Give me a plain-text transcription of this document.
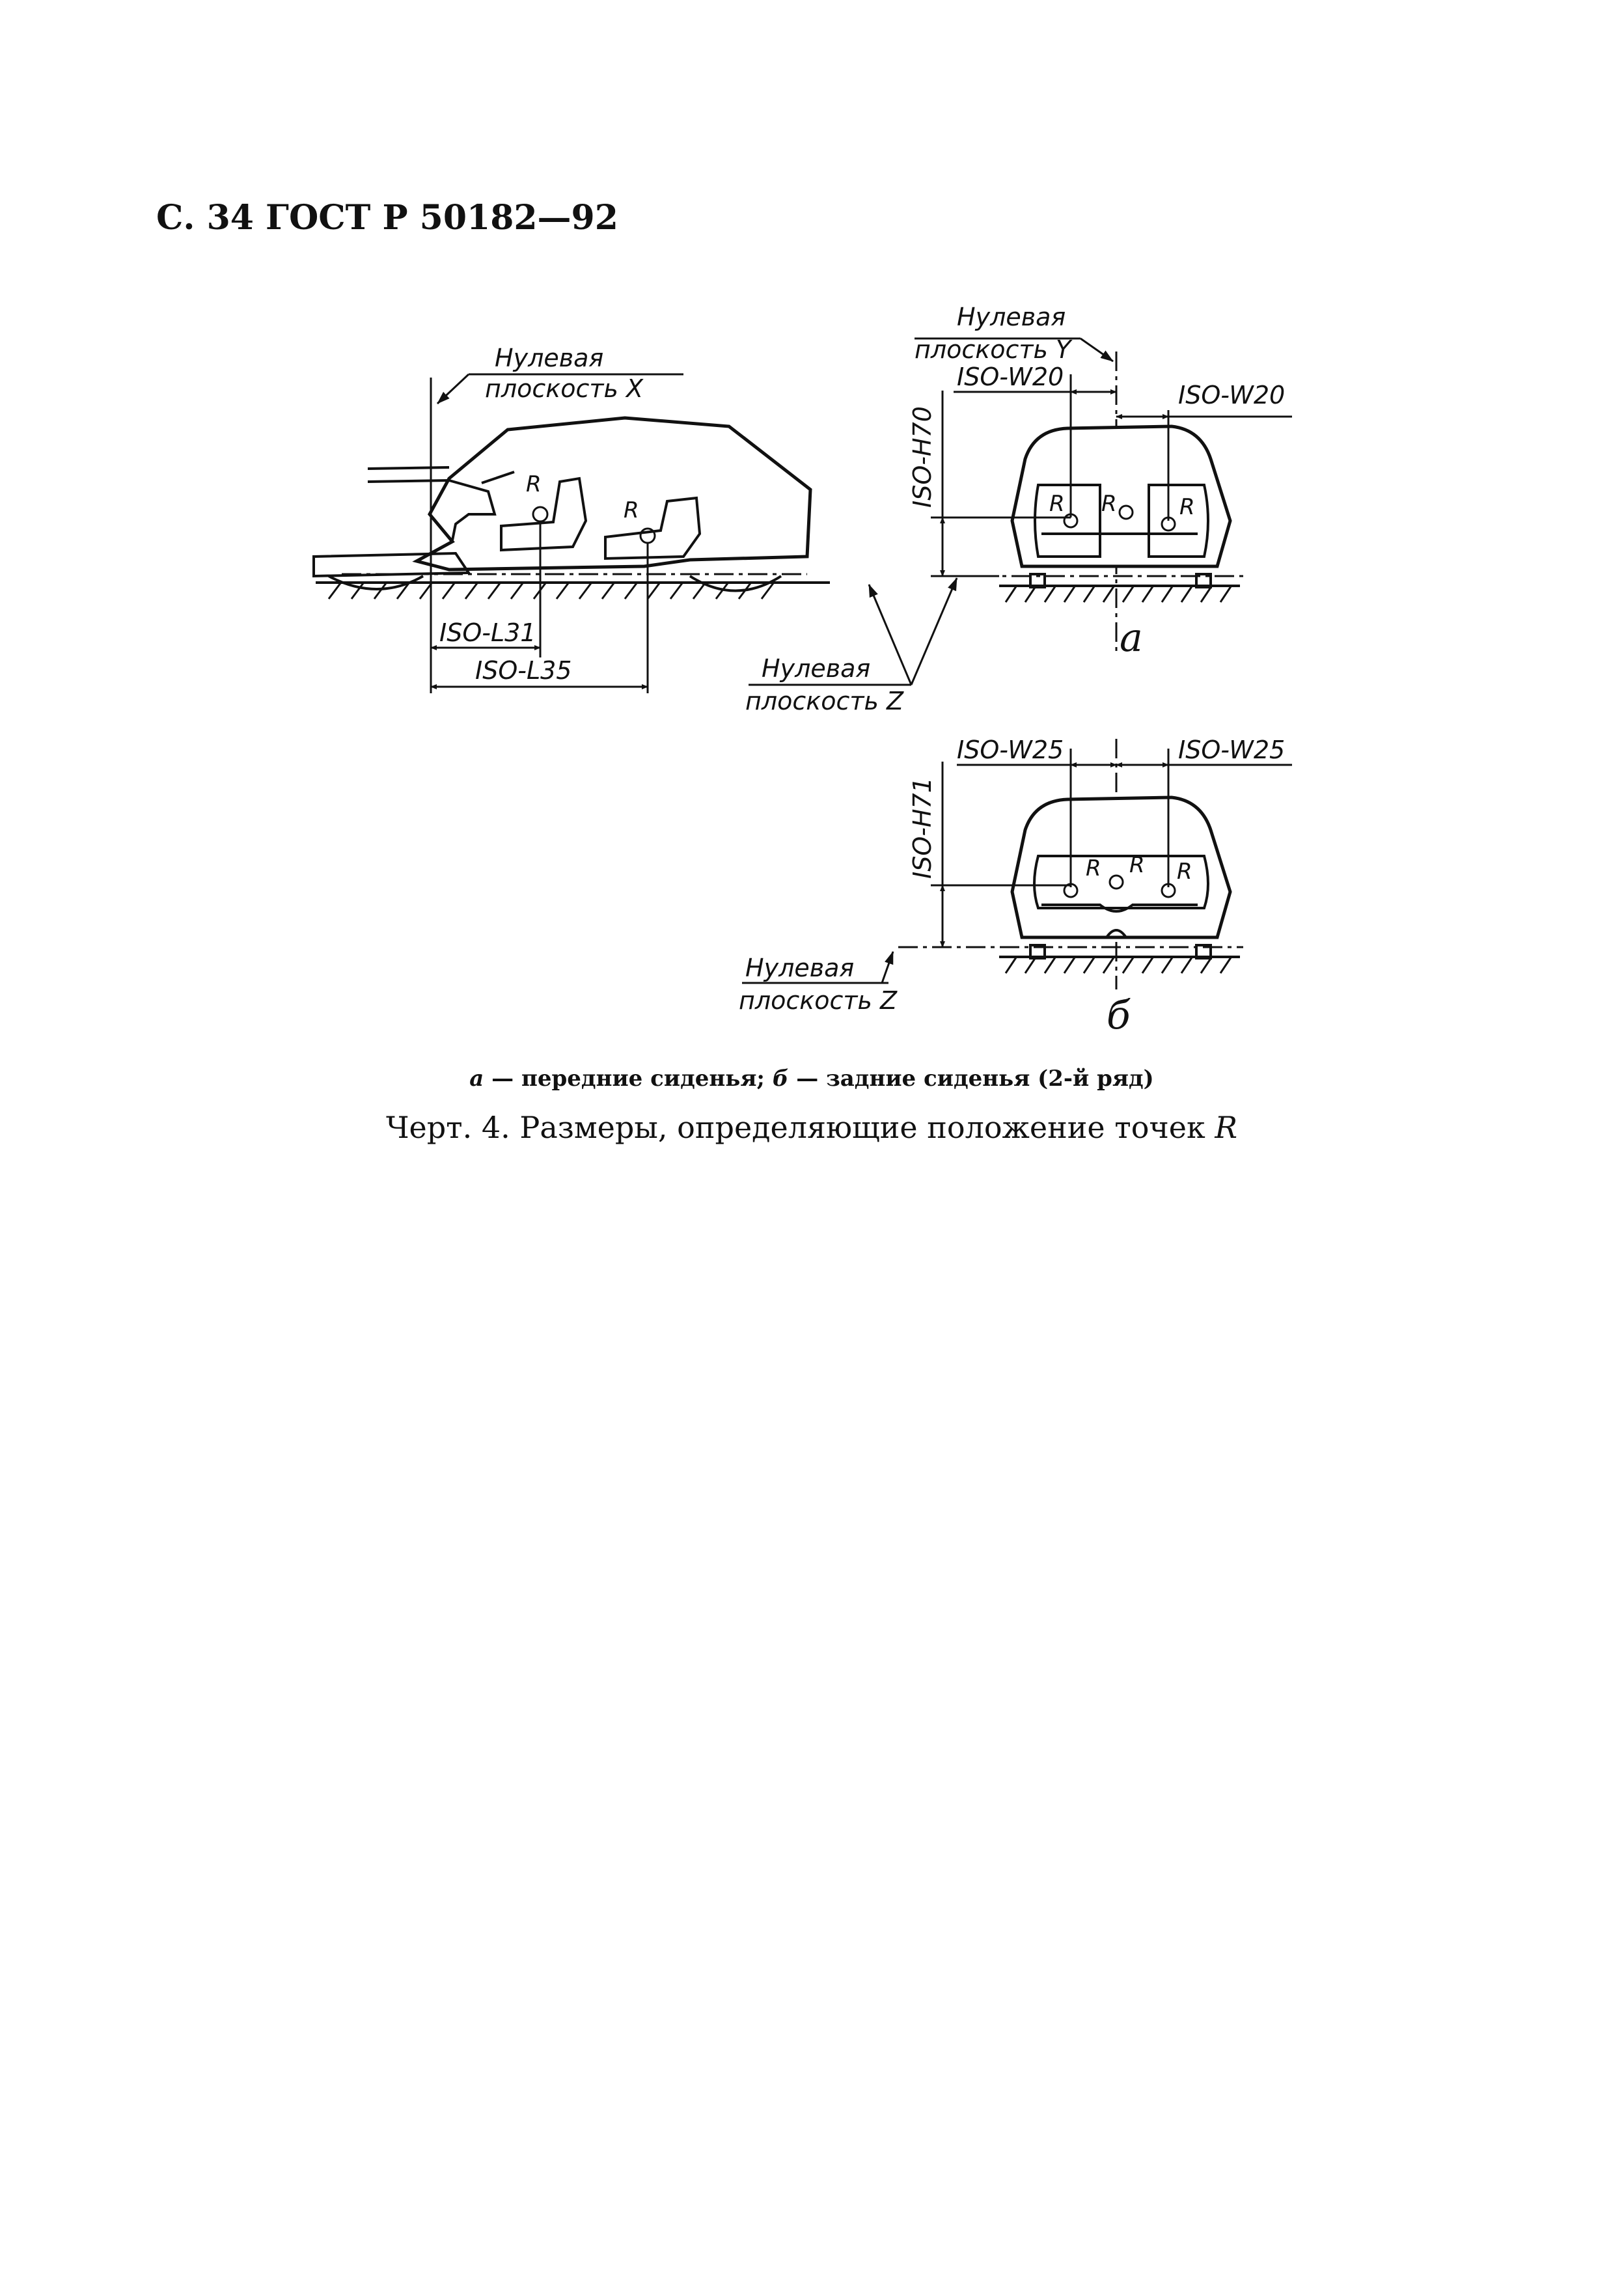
С. 34 ГОСТ Р 50182—92
R
R
ISO-L31
ISO-L35
Нулевая
плоскость X
Нулевая
плоскость Z
Нулевая
плоскость Y
R R	R
ISO-W20
ISO-W20
ISO-H70
a
R R R
ISO-W25	ISO-W25
ISO-H71
Нулевая
плоскость Z	б
a — передние сиденья; б — задние сиденья (2-й ряд)
Черт. 4. Размеры, определяющие положение точек R
